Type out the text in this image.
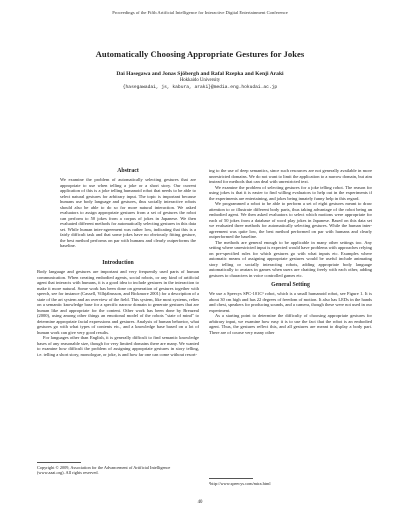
Proceedings of the Fifth Artificial Intelligence for Interactive Digital Entertainment Conference
Automatically Choosing Appropriate Gestures for Jokes
Dai Hasegawa and Jonas Sjöbergh and Rafal Rzepka and Kenji Araki
Hokkaido University
{hasegawadai, js, kabura, araki}@media.eng.hokudai.ac.jp
Abstract

We examine the problem of automatically selecting gestures that are appropriate to use when telling a joke or a short story. Our current application of this is a joke telling humanoid robot that needs to be able to select natural gestures for arbitrary input. The topic is important because humans use body language and gestures, thus socially interactive robots should also be able to do so for more natural interaction. We asked evaluators to assign appropriate gestures from a set of gestures the robot can perform to 50 jokes from a corpus of jokes in Japanese. We then evaluated different methods for automatically selecting gestures in this data set. While human inter-agreement was rather low, indicating that this is a fairly difficult task and that some jokes have no obviously fitting gesture, the best method performs on par with humans and clearly outperforms the baseline.

Introduction

Body language and gestures are important and very frequently used parts of human communication. When creating embodied agents, social robots, or any kind of artificial agent that interacts with humans, it is a good idea to include gestures in the interaction to make it more natural. Some work has been done on generation of gestures together with speech, see for instance (Cassell, Vilhjálmsson, and Bickmore 2001) for a description of a state of the art system and an overview of the field. This system, like most systems, relies on a semantic knowledge base for a specific narrow domain to generate gestures that are human like and appropriate for the content. Other work has been done by Breazeal (2000), using among other things an emotional model of the robots "state of mind" to determine appropriate facial expressions and gestures. Analysis of human behavior, what gestures go with what types of contents etc., and a knowledge base based on a lot of human work can give very good results.

For languages other than English, it is generally difficult to find semantic knowledge bases of any reasonable size, though for very limited domains there are many. We wanted to examine how difficult the problem of assigning appropriate gestures in story telling, i.e. telling a short story, monologue, or joke, is and how far one can come without resort-

Copyright © 2009, Association for the Advancement of Artificial Intelligence (www.aaai.org). All rights reserved.

ing to the use of deep semantics, since such resources are not generally available in more unrestricted domains. We do not want to limit the application to a narrow domain, but aim instead for methods that can deal with unrestricted text.

We examine the problem of selecting gestures for a joke telling robot. The reason for using jokes is that it is easier to find willing evaluators to help out in the experiments if the experiments are entertaining, and jokes being innately funny help in this regard.

We programmed a robot to be able to perform a set of eight gestures meant to draw attention to or illustrate different body parts, thus taking advantage of the robot being an embodied agent. We then asked evaluators to select which motions were appropriate for each of 50 jokes from a database of word play jokes in Japanese. Based on this data set we evaluated three methods for automatically selecting gestures. While the human inter-agreement was quite low, the best method performed on par with humans and clearly outperformed the baseline.

The methods are general enough to be applicable in many other settings too. Any setting where unrestricted input is expected would have problems with approaches relying on pre-specified rules for which gestures go with what inputs etc. Examples where automatic means of assigning appropriate gestures would be useful include animating story telling or socially interacting robots, adding appropriate body language automatically to avatars in games when users are chatting freely with each other, adding gestures to characters in voice controlled games etc.

General Setting

We use a Speecys SPC-101C¹ robot, which is a small humanoid robot, see Figure 1. It is about 30 cm high and has 22 degrees of freedom of motion. It also has LEDs in the hands and chest, speakers for producing sounds, and a camera, though these were not used in our experiment.

As a starting point to determine the difficulty of choosing appropriate gestures for arbitrary input, we examine how easy it is to use the fact that the robot is an embodied agent. Thus, the gestures reflect this, and all gestures are meant to display a body part. There are of course very many other

¹http://www.speecys.com/mira.html
40
